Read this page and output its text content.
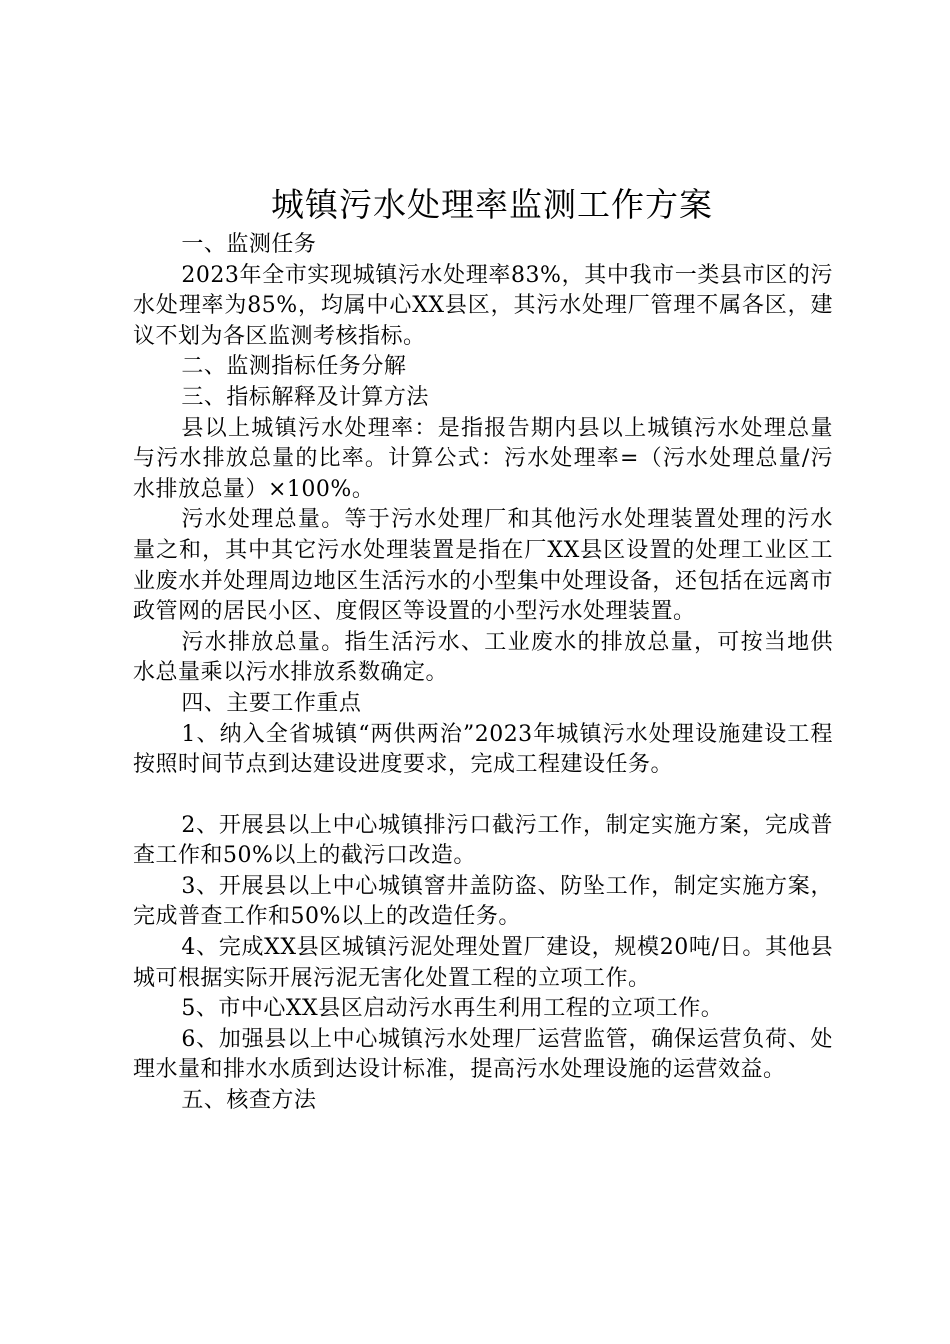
城镇污水处理率监测工作方案

一、监测任务

2023年全市实现城镇污水处理率83%，其中我市一类县市区的污水处理率为85%，均属中心XX县区，其污水处理厂管理不属各区，建议不划为各区监测考核指标。

二、监测指标任务分解

三、指标解释及计算方法

县以上城镇污水处理率：是指报告期内县以上城镇污水处理总量与污水排放总量的比率。计算公式：污水处理率=（污水处理总量/污水排放总量）×100%。

污水处理总量。等于污水处理厂和其他污水处理装置处理的污水量之和，其中其它污水处理装置是指在厂XX县区设置的处理工业区工业废水并处理周边地区生活污水的小型集中处理设备，还包括在远离市政管网的居民小区、度假区等设置的小型污水处理装置。

污水排放总量。指生活污水、工业废水的排放总量，可按当地供水总量乘以污水排放系数确定。

四、主要工作重点

1、纳入全省城镇“两供两治”2023年城镇污水处理设施建设工程按照时间节点到达建设进度要求，完成工程建设任务。

2、开展县以上中心城镇排污口截污工作，制定实施方案，完成普查工作和50%以上的截污口改造。

3、开展县以上中心城镇窨井盖防盗、防坠工作，制定实施方案，完成普查工作和50%以上的改造任务。

4、完成XX县区城镇污泥处理处置厂建设，规模20吨/日。其他县城可根据实际开展污泥无害化处置工程的立项工作。

5、市中心XX县区启动污水再生利用工程的立项工作。

6、加强县以上中心城镇污水处理厂运营监管，确保运营负荷、处理水量和排水水质到达设计标准，提高污水处理设施的运营效益。

五、核查方法
